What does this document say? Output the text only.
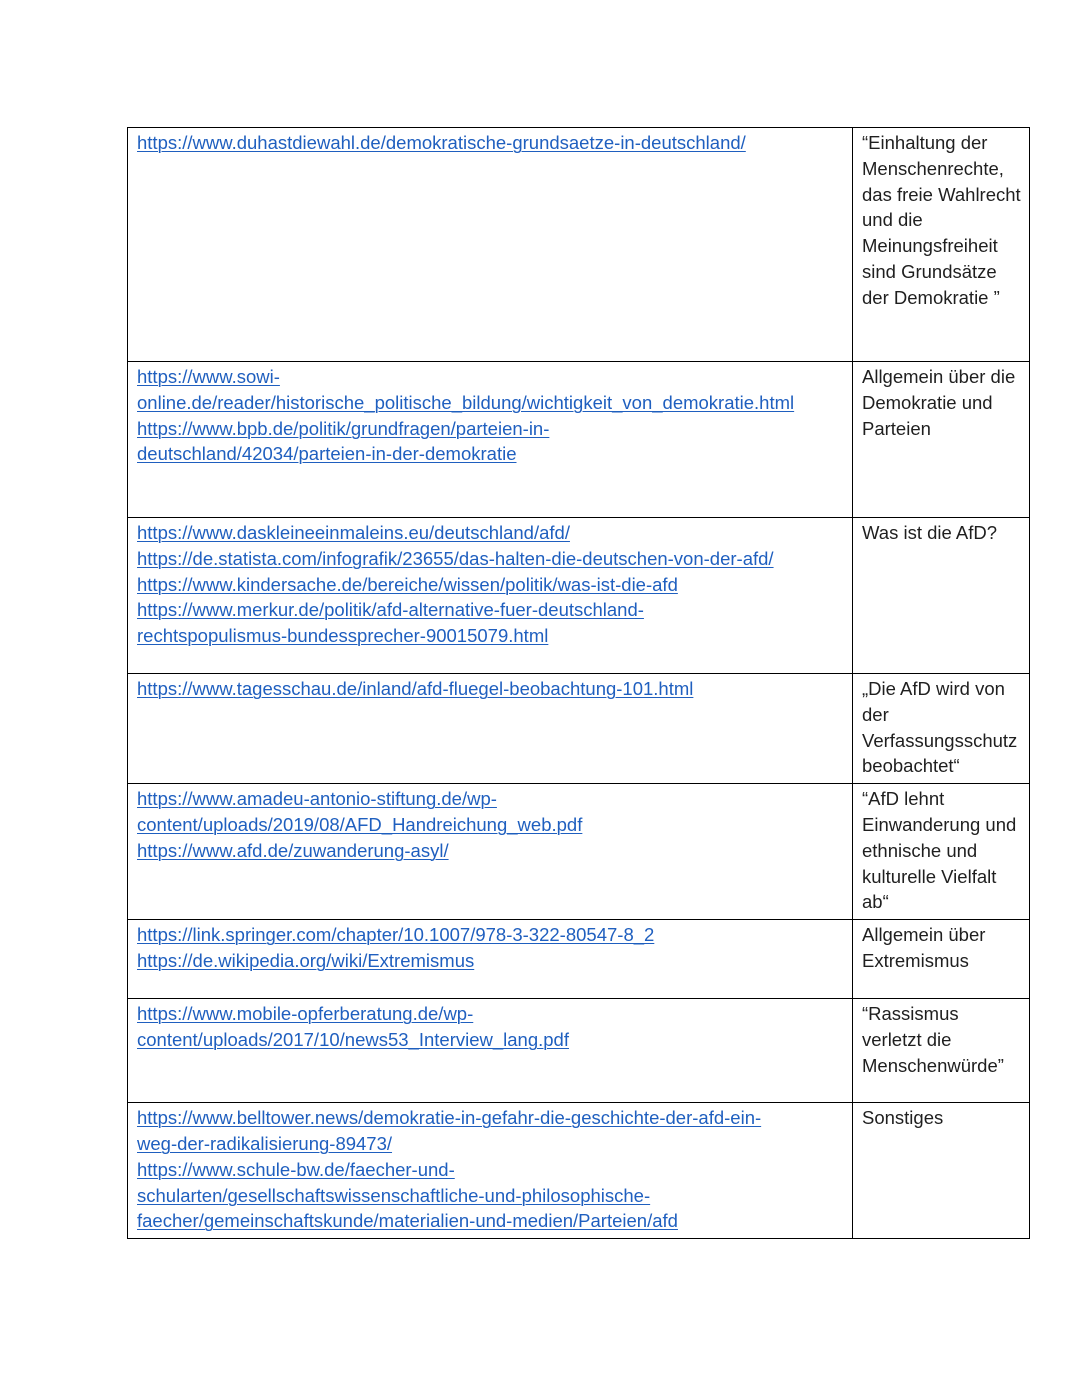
https://www.duhastdiewahl.de/demokratische-grundsaetze-in-deutschland/	“Einhaltung der Menschenrechte, das freie Wahlrecht und die Meinungsfreiheit sind Grundsätze der Demokratie ”

https://www.sowi-
online.de/reader/historische_politische_bildung/wichtigkeit_von_demokratie.html
https://www.bpb.de/politik/grundfragen/parteien-in-
deutschland/42034/parteien-in-der-demokratie	Allgemein über die Demokratie und Parteien

https://www.daskleineeinmaleins.eu/deutschland/afd/
https://de.statista.com/infografik/23655/das-halten-die-deutschen-von-der-afd/
https://www.kindersache.de/bereiche/wissen/politik/was-ist-die-afd
https://www.merkur.de/politik/afd-alternative-fuer-deutschland-
rechtspopulismus-bundessprecher-90015079.html	Was ist die AfD?

https://www.tagesschau.de/inland/afd-fluegel-beobachtung-101.html	„Die AfD wird von der Verfassungsschutz beobachtet“

https://www.amadeu-antonio-stiftung.de/wp-
content/uploads/2019/08/AFD_Handreichung_web.pdf
https://www.afd.de/zuwanderung-asyl/	“AfD lehnt Einwanderung und ethnische und kulturelle Vielfalt ab“

https://link.springer.com/chapter/10.1007/978-3-322-80547-8_2
https://de.wikipedia.org/wiki/Extremismus	Allgemein über Extremismus

https://www.mobile-opferberatung.de/wp-
content/uploads/2017/10/news53_Interview_lang.pdf	“Rassismus verletzt die Menschenwürde”

https://www.belltower.news/demokratie-in-gefahr-die-geschichte-der-afd-ein-
weg-der-radikalisierung-89473/
https://www.schule-bw.de/faecher-und-
schularten/gesellschaftswissenschaftliche-und-philosophische-
faecher/gemeinschaftskunde/materialien-und-medien/Parteien/afd	Sonstiges
